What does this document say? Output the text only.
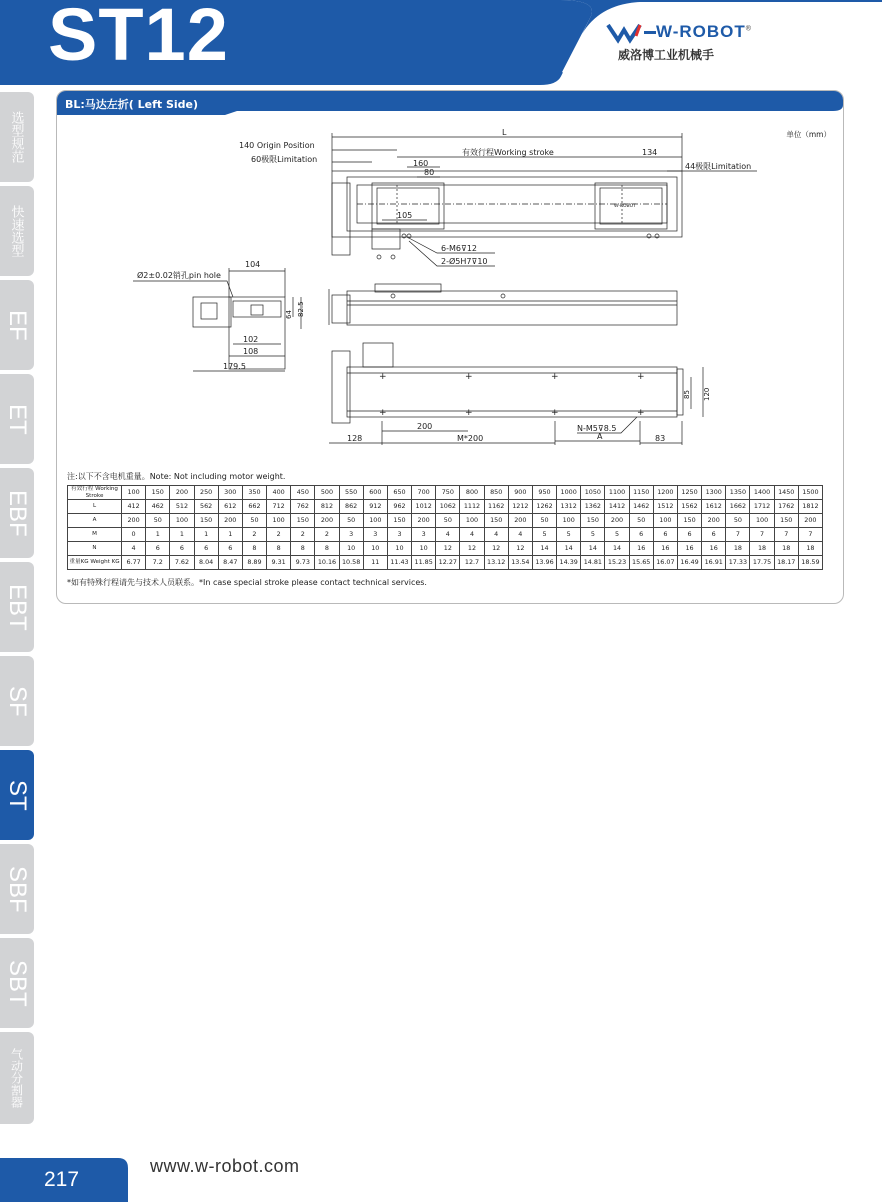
ST12	W-ROBOT®
威洛博工业机械手
选型规范
快速选型
EF
ET
EBF
EBT
SF
ST
SBF
SBT
气动分割器
BL:马达左折( Left Side)
单位（mm）
W-ROBOT
L
140 Origin Position
60极限Limitation
有效行程Working stroke	134
44极限Limitation
160
80
105
6-M6⊽12
2-Ø5H7⊽10
104
Ø2±0.02销孔pin hole
64 82.5
102
108
179.5
+	+	+	+
+	+	+	+
85 120
200	N-M5⊽8.5
128	M*200	A	83
注:以下不含电机重量。Note: Not including motor weight.
有效行程 Working Stroke	100	150	200	250	300	350	400	450	500	550	600	650	700	750	800	850	900	950	1000	1050	1100	1150	1200	1250	1300	1350	1400	1450	1500
L	412	462	512	562	612	662	712	762	812	862	912	962	1012	1062	1112	1162	1212	1262	1312	1362	1412	1462	1512	1562	1612	1662	1712	1762	1812
A	200	50	100	150	200	50	100	150	200	50	100	150	200	50	100	150	200	50	100	150	200	50	100	150	200	50	100	150	200
M	0	1	1	1	1	2	2	2	2	3	3	3	3	4	4	4	4	5	5	5	5	6	6	6	6	7	7	7	7
N	4	6	6	6	6	8	8	8	8	10	10	10	10	12	12	12	12	14	14	14	14	16	16	16	16	18	18	18	18
重量KG Weight KG	6.77	7.2	7.62	8.04	8.47	8.89	9.31	9.73	10.16	10.58	11	11.43	11.85	12.27	12.7	13.12	13.54	13.96	14.39	14.81	15.23	15.65	16.07	16.49	16.91	17.33	17.75	18.17	18.59
*如有特殊行程请先与技术人员联系。*In case special stroke please contact technical services.
217
www.w-robot.com
